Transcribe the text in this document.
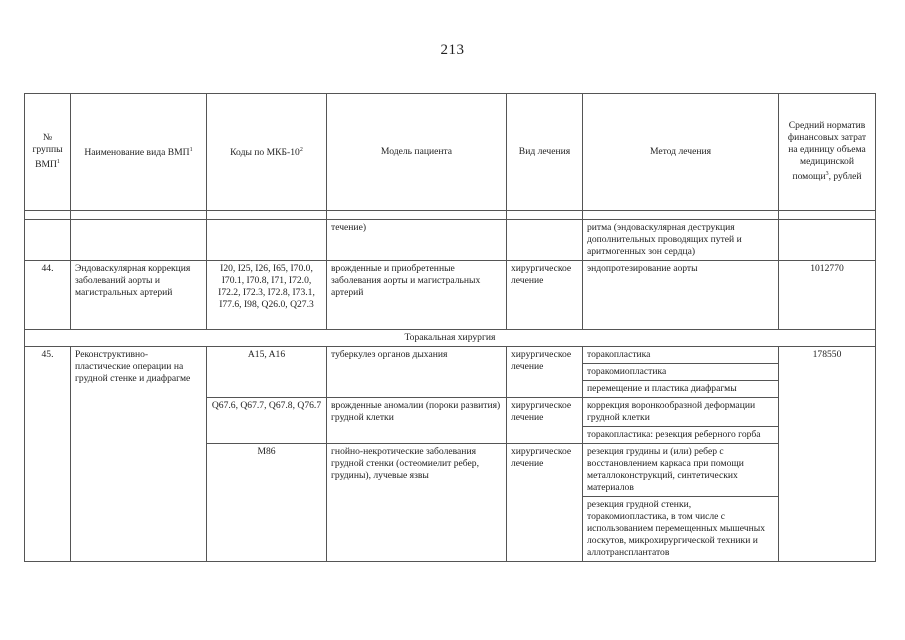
213
№ группы ВМП$^1$	Наименование вида ВМП$^1$	Коды по МКБ-$10^2$	Модель пациента	Вид лечения	Метод лечения	Средний норматив финансовых затрат на единицу объема медицинской помощи$^3$, рублей

			течение)		ритма (эндоваскулярная деструкция дополнительных проводящих путей и аритмогенных зон сердца)	
44.	Эндоваскулярная коррекция заболеваний аорты и магистральных артерий	I20, I25, I26, I65, I70.0, I70.1, I70.8, I71, I72.0, I72.2, I72.3, I72.8, I73.1, I77.6, I98, Q26.0, Q27.3	врожденные и приобретенные заболевания аорты и магистральных артерий	хирургическое лечение	эндопротезирование аорты	1012770
Торакальная хирургия						
45.	Реконструктивно-пластические операции на грудной стенке и диафрагме	A15, A16	туберкулез органов дыхания	хирургическое лечение	торакопластика	178550
					торакомиопластика	
					перемещение и пластика диафрагмы	
		Q67.6, Q67.7, Q67.8, Q76.7	врожденные аномалии (пороки развития) грудной клетки	хирургическое лечение	коррекция воронкообразной деформации грудной клетки	
					торакопластика: резекция реберного горба	
		M86	гнойно-некротические заболевания грудной стенки (остеомиелит ребер, грудины), лучевые язвы	хирургическое лечение	резекция грудины и (или) ребер с восстановлением каркаса при помощи металлоконструкций, синтетических материалов	
					резекция грудной стенки, торакомиопластика, в том числе с использованием перемещенных мышечных лоскутов, микрохирургической техники и аллотрансплантатов	
